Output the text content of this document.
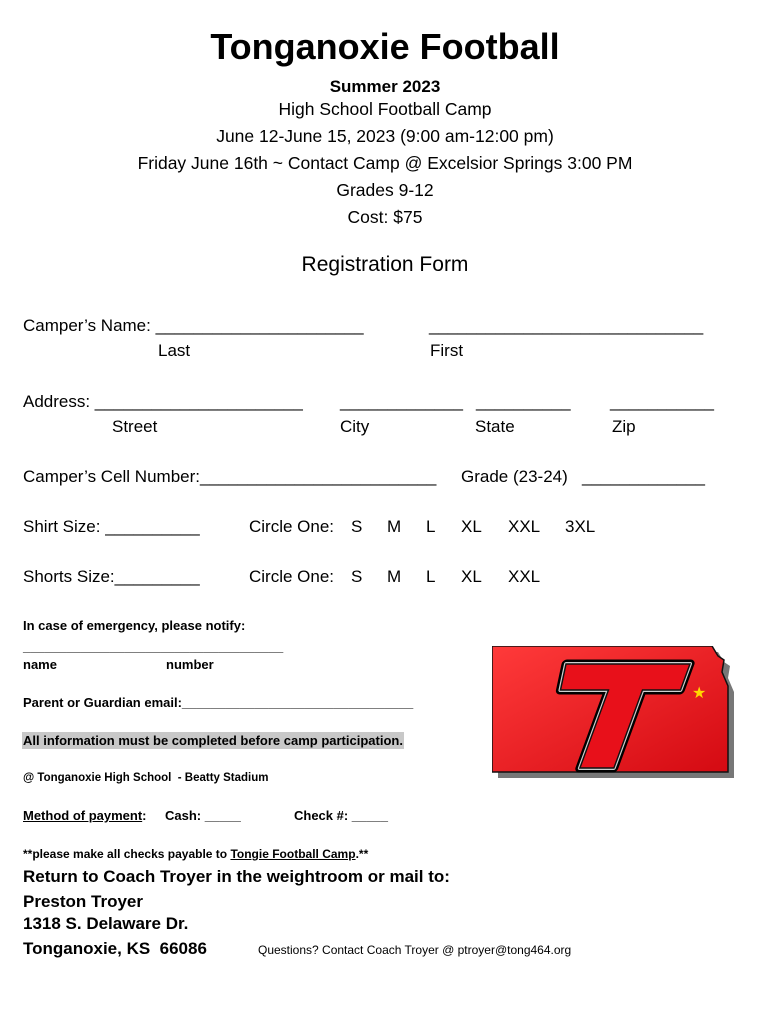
Tonganoxie Football
Summer 2023
High School Football Camp
June 12-June 15, 2023 (9:00 am-12:00 pm)
Friday June 16th ~ Contact Camp @ Excelsior Springs 3:00 PM
Grades 9-12
Cost: $75
Registration Form
Camper’s Name: ______________________	_____________________________
Last	First
Address: ______________________ _____________ __________ ___________
Street	City	State	Zip
Camper’s Cell Number:_________________________ Grade (23-24) _____________
Shirt Size: __________	Circle One: S M L XL XXL 3XL
Shorts Size:_________	Circle One: S M L XL XXL
In case of emergency, please notify:
____________________________________
name	number
Parent or Guardian email:________________________________
All information must be completed before camp participation.
@ Tonganoxie High School  - Beatty Stadium
Method of payment: Cash: _____	Check #: _____
**please make all checks payable to Tongie Football Camp.**
Return to Coach Troyer in the weightroom or mail to:
Preston Troyer
1318 S. Delaware Dr.
Tonganoxie, KS  66086	Questions? Contact Coach Troyer @ ptroyer@tong464.org
★
